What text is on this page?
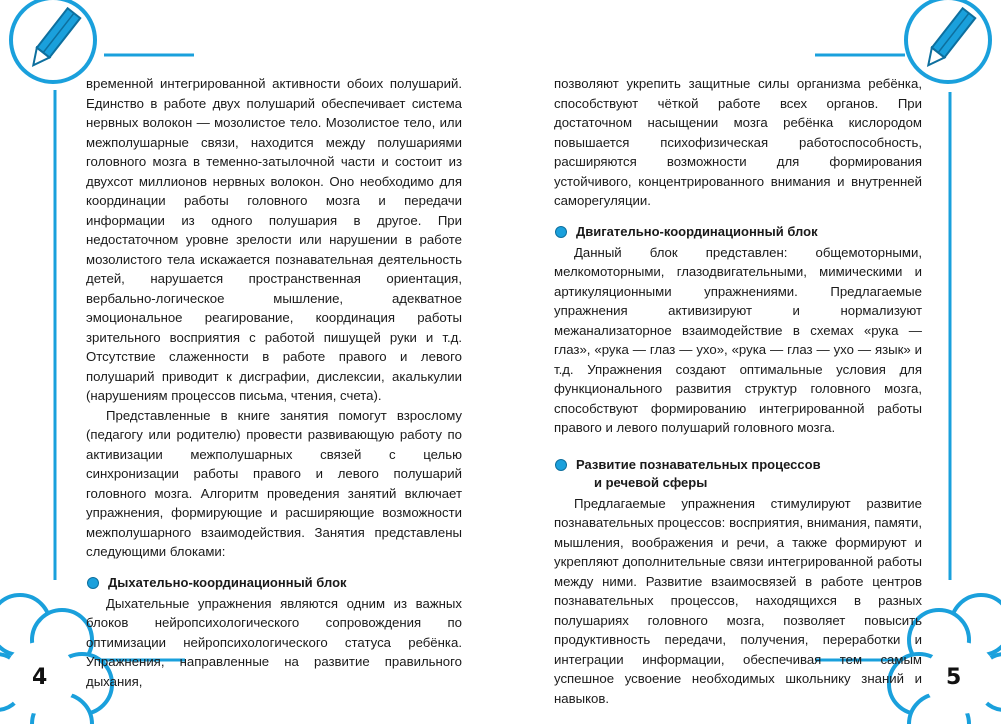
4	5

временной интегрированной активности обоих полушарий. Единство в работе двух полушарий обеспечивает система нервных волокон — мозолистое тело. Мозолистое тело, или межполушарные связи, находится между полушариями головного мозга в теменно-затылочной части и состоит из двухсот миллионов нервных волокон. Оно необходимо для координации работы головного мозга и передачи информации из одного полушария в другое. При недостаточном уровне зрелости или нарушении в работе мозолистого тела искажается познавательная деятельность детей, нарушается пространственная ориентация, вербально-логическое мышление, адекватное эмоциональное реагирование, координация работы зрительного восприятия с работой пишущей руки и т.д. Отсутствие слаженности в работе правого и левого полушарий приводит к дисграфии, дислексии, акалькулии (нарушениям процессов письма, чтения, счета).

Представленные в книге занятия помогут взрослому (педагогу или родителю) провести развивающую работу по активизации межполушарных связей с целью синхронизации работы правого и левого полушарий головного мозга. Алгоритм проведения занятий включает упражнения, формирующие и расширяющие возможности межполушарного взаимодействия. Занятия представлены следующими блоками:

Дыхательно-координационный блок

Дыхательные упражнения являются одним из важных блоков нейропсихологического сопровождения по оптимизации нейропсихологического статуса ребёнка. Упражнения, направленные на развитие правильного дыхания,

позволяют укрепить защитные силы организма ребёнка, способствуют чёткой работе всех органов. При достаточном насыщении мозга ребёнка кислородом повышается психофизическая работоспособность, расширяются возможности для формирования устойчивого, концентрированного внимания и внутренней саморегуляции.

Двигательно-координационный блок

Данный блок представлен: общемоторными, мелкомоторными, глазодвигательными, мимическими и артикуляционными упражнениями. Предлагаемые упражнения активизируют и нормализуют межанализаторное взаимодействие в схемах «рука — глаз», «рука — глаз — ухо», «рука — глаз — ухо — язык» и т.д. Упражнения создают оптимальные условия для функционального развития структур головного мозга, способствуют формированию интегрированной работы правого и левого полушарий головного мозга.

Развитие познавательных процессов
и речевой сферы

Предлагаемые упражнения стимулируют развитие познавательных процессов: восприятия, внимания, памяти, мышления, воображения и речи, а также формируют и укрепляют дополнительные связи интегрированной работы между ними. Развитие взаимосвязей в работе центров познавательных процессов, находящихся в разных полушариях головного мозга, позволяет повысить продуктивность передачи, получения, переработки и интеграции информации, обеспечивая тем самым успешное усвоение необходимых школьнику знаний и навыков.
